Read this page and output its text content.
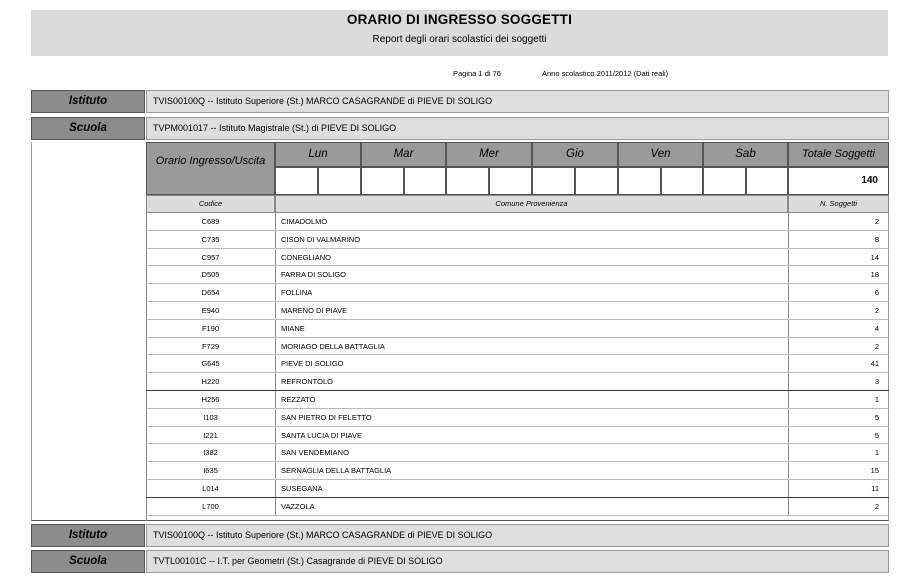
ORARIO DI INGRESSO SOGGETTI
Report degli orari scolastici dei soggetti
Pagina 1 di 76	Anno scolastico 2011/2012 (Dati reali)
Istituto	TVIS00100Q -- Istituto Superiore (St.) MARCO CASAGRANDE di PIEVE DI SOLIGO
Scuola	TVPM001017 -- Istituto Magistrale (St.) di PIEVE DI SOLIGO
Orario Ingresso/Uscita
Lun	Mar	Mer	Gio	Ven	Sab	Totale Soggetti
140
Codice	Comune Provenienza	N. Soggetti
C689	CIMADOLMO	2
C735	CISON DI VALMARINO	8
C957	CONEGLIANO	14
D505	FARRA DI SOLIGO	18
D654	FOLLINA	6
E940	MARENO DI PIAVE	2
F190	MIANE	4
F729	MORIAGO DELLA BATTAGLIA	2
G645	PIEVE DI SOLIGO	41
H220	REFRONTOLO	3
H256	REZZATO	1
I103	SAN PIETRO DI FELETTO	5
I221	SANTA LUCIA DI PIAVE	5
I382	SAN VENDEMIANO	1
I635	SERNAGLIA DELLA BATTAGLIA	15
L014	SUSEGANA	11
L700	VAZZOLA	2
Istituto	TVIS00100Q -- Istituto Superiore (St.) MARCO CASAGRANDE di PIEVE DI SOLIGO
Scuola	TVTL00101C -- I.T. per Geometri (St.) Casagrande di PIEVE DI SOLIGO
